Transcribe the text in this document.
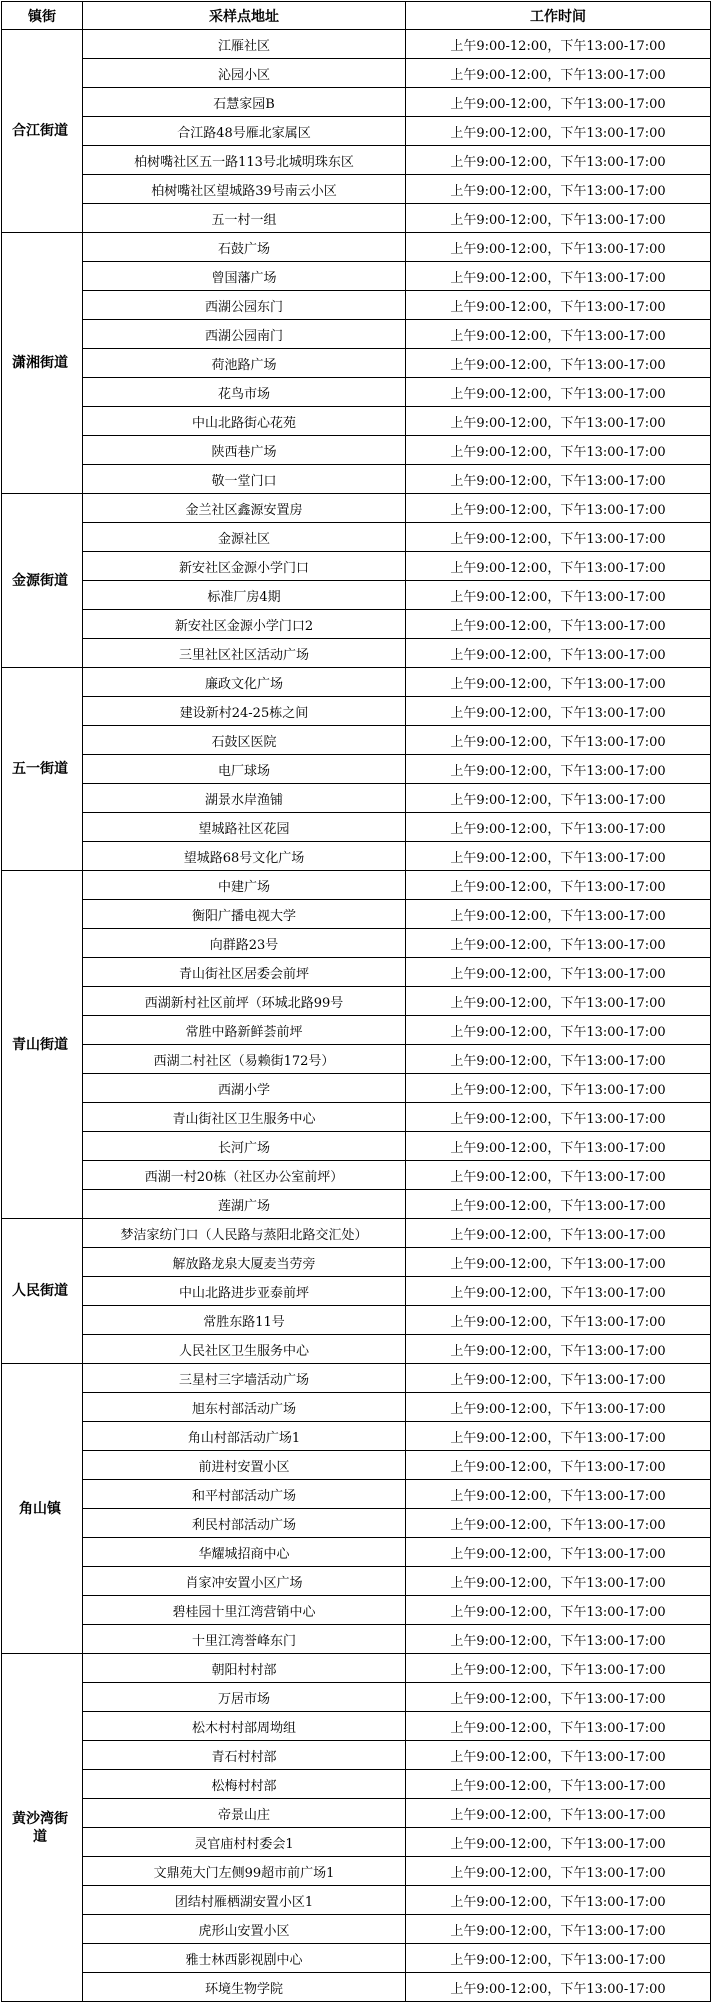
镇街	采样点地址	工作时间
合江街道	江雁社区	上午9:00-12:00，下午13:00-17:00
	沁园小区	上午9:00-12:00，下午13:00-17:00
	石慧家园B	上午9:00-12:00，下午13:00-17:00
	合江路48号雁北家属区	上午9:00-12:00，下午13:00-17:00
	柏树嘴社区五一路113号北城明珠东区	上午9:00-12:00，下午13:00-17:00
	柏树嘴社区望城路39号南云小区	上午9:00-12:00，下午13:00-17:00
	五一村一组	上午9:00-12:00，下午13:00-17:00
潇湘街道	石鼓广场	上午9:00-12:00，下午13:00-17:00
	曾国藩广场	上午9:00-12:00，下午13:00-17:00
	西湖公园东门	上午9:00-12:00，下午13:00-17:00
	西湖公园南门	上午9:00-12:00，下午13:00-17:00
	荷池路广场	上午9:00-12:00，下午13:00-17:00
	花鸟市场	上午9:00-12:00，下午13:00-17:00
	中山北路街心花苑	上午9:00-12:00，下午13:00-17:00
	陕西巷广场	上午9:00-12:00，下午13:00-17:00
	敬一堂门口	上午9:00-12:00，下午13:00-17:00
金源街道	金兰社区鑫源安置房	上午9:00-12:00，下午13:00-17:00
	金源社区	上午9:00-12:00，下午13:00-17:00
	新安社区金源小学门口	上午9:00-12:00，下午13:00-17:00
	标准厂房4期	上午9:00-12:00，下午13:00-17:00
	新安社区金源小学门口2	上午9:00-12:00，下午13:00-17:00
	三里社区社区活动广场	上午9:00-12:00，下午13:00-17:00
五一街道	廉政文化广场	上午9:00-12:00，下午13:00-17:00
	建设新村24-25栋之间	上午9:00-12:00，下午13:00-17:00
	石鼓区医院	上午9:00-12:00，下午13:00-17:00
	电厂球场	上午9:00-12:00，下午13:00-17:00
	湖景水岸渔铺	上午9:00-12:00，下午13:00-17:00
	望城路社区花园	上午9:00-12:00，下午13:00-17:00
	望城路68号文化广场	上午9:00-12:00，下午13:00-17:00
青山街道	中建广场	上午9:00-12:00，下午13:00-17:00
	衡阳广播电视大学	上午9:00-12:00，下午13:00-17:00
	向群路23号	上午9:00-12:00，下午13:00-17:00
	青山街社区居委会前坪	上午9:00-12:00，下午13:00-17:00
	西湖新村社区前坪（环城北路99号	上午9:00-12:00，下午13:00-17:00
	常胜中路新鲜荟前坪	上午9:00-12:00，下午13:00-17:00
	西湖二村社区（易赖街172号）	上午9:00-12:00，下午13:00-17:00
	西湖小学	上午9:00-12:00，下午13:00-17:00
	青山街社区卫生服务中心	上午9:00-12:00，下午13:00-17:00
	长河广场	上午9:00-12:00，下午13:00-17:00
	西湖一村20栋（社区办公室前坪）	上午9:00-12:00，下午13:00-17:00
	莲湖广场	上午9:00-12:00，下午13:00-17:00
人民街道	梦洁家纺门口（人民路与蒸阳北路交汇处）	上午9:00-12:00，下午13:00-17:00
	解放路龙泉大厦麦当劳旁	上午9:00-12:00，下午13:00-17:00
	中山北路进步亚泰前坪	上午9:00-12:00，下午13:00-17:00
	常胜东路11号	上午9:00-12:00，下午13:00-17:00
	人民社区卫生服务中心	上午9:00-12:00，下午13:00-17:00
角山镇	三星村三字墙活动广场	上午9:00-12:00，下午13:00-17:00
	旭东村部活动广场	上午9:00-12:00，下午13:00-17:00
	角山村部活动广场1	上午9:00-12:00，下午13:00-17:00
	前进村安置小区	上午9:00-12:00，下午13:00-17:00
	和平村部活动广场	上午9:00-12:00，下午13:00-17:00
	利民村部活动广场	上午9:00-12:00，下午13:00-17:00
	华耀城招商中心	上午9:00-12:00，下午13:00-17:00
	肖家冲安置小区广场	上午9:00-12:00，下午13:00-17:00
	碧桂园十里江湾营销中心	上午9:00-12:00，下午13:00-17:00
	十里江湾誉峰东门	上午9:00-12:00，下午13:00-17:00
黄沙湾街道	朝阳村村部	上午9:00-12:00，下午13:00-17:00
	万居市场	上午9:00-12:00，下午13:00-17:00
	松木村村部周坳组	上午9:00-12:00，下午13:00-17:00
	青石村村部	上午9:00-12:00，下午13:00-17:00
	松梅村村部	上午9:00-12:00，下午13:00-17:00
	帝景山庄	上午9:00-12:00，下午13:00-17:00
	灵官庙村村委会1	上午9:00-12:00，下午13:00-17:00
	文鼎苑大门左侧99超市前广场1	上午9:00-12:00，下午13:00-17:00
	团结村雁栖湖安置小区1	上午9:00-12:00，下午13:00-17:00
	虎形山安置小区	上午9:00-12:00，下午13:00-17:00
	雅士林西影视剧中心	上午9:00-12:00，下午13:00-17:00
	环境生物学院	上午9:00-12:00，下午13:00-17:00
